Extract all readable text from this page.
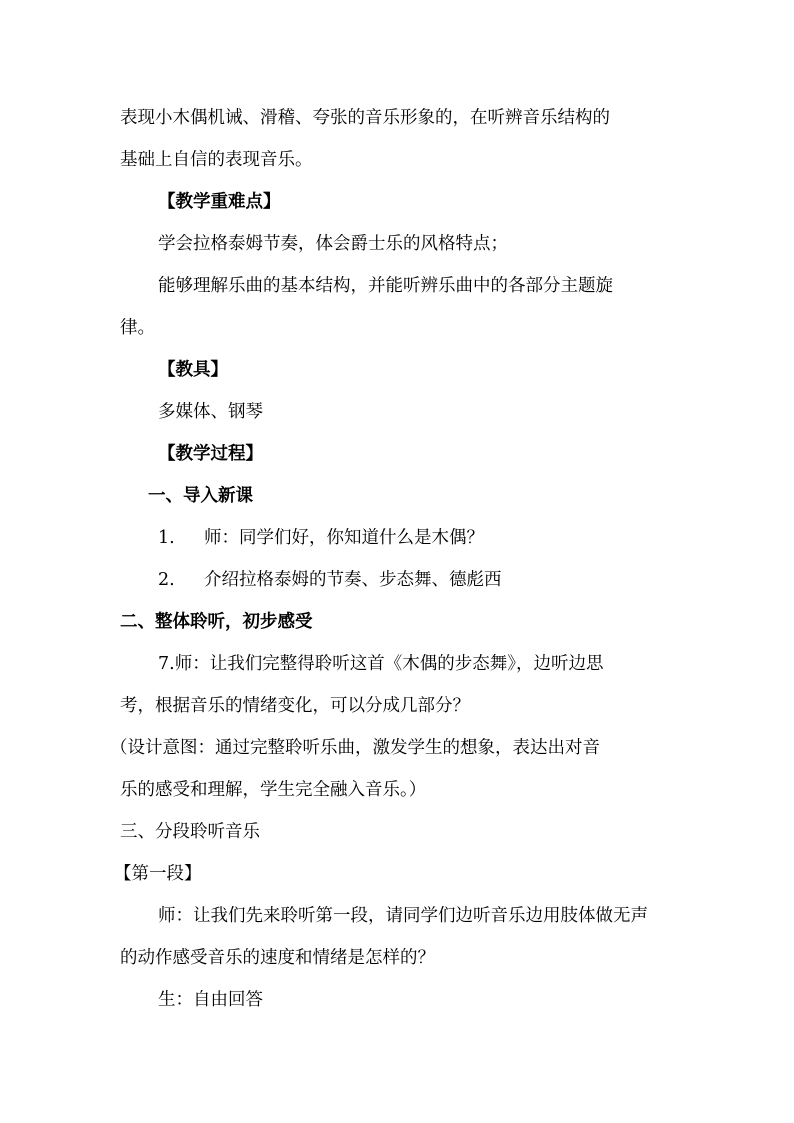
表现小木偶机诫、滑稽、夸张的音乐形象的，在听辨音乐结构的
基础上自信的表现音乐。
【教学重难点】
学会拉格泰姆节奏，体会爵士乐的风格特点；
能够理解乐曲的基本结构，并能听辨乐曲中的各部分主题旋
律。
【教具】
多媒体、钢琴
【教学过程】
一、导入新课
1. 师：同学们好，你知道什么是木偶？
2. 介绍拉格泰姆的节奏、步态舞、德彪西
二、整体聆听，初步感受
7.师：让我们完整得聆听这首《木偶的步态舞》，边听边思
考，根据音乐的情绪变化，可以分成几部分？
（设计意图：通过完整聆听乐曲，激发学生的想象，表达出对音
乐的感受和理解，学生完全融入音乐。）
三、分段聆听音乐
【第一段】
师：让我们先来聆听第一段，请同学们边听音乐边用肢体做无声
的动作感受音乐的速度和情绪是怎样的？
生：自由回答
